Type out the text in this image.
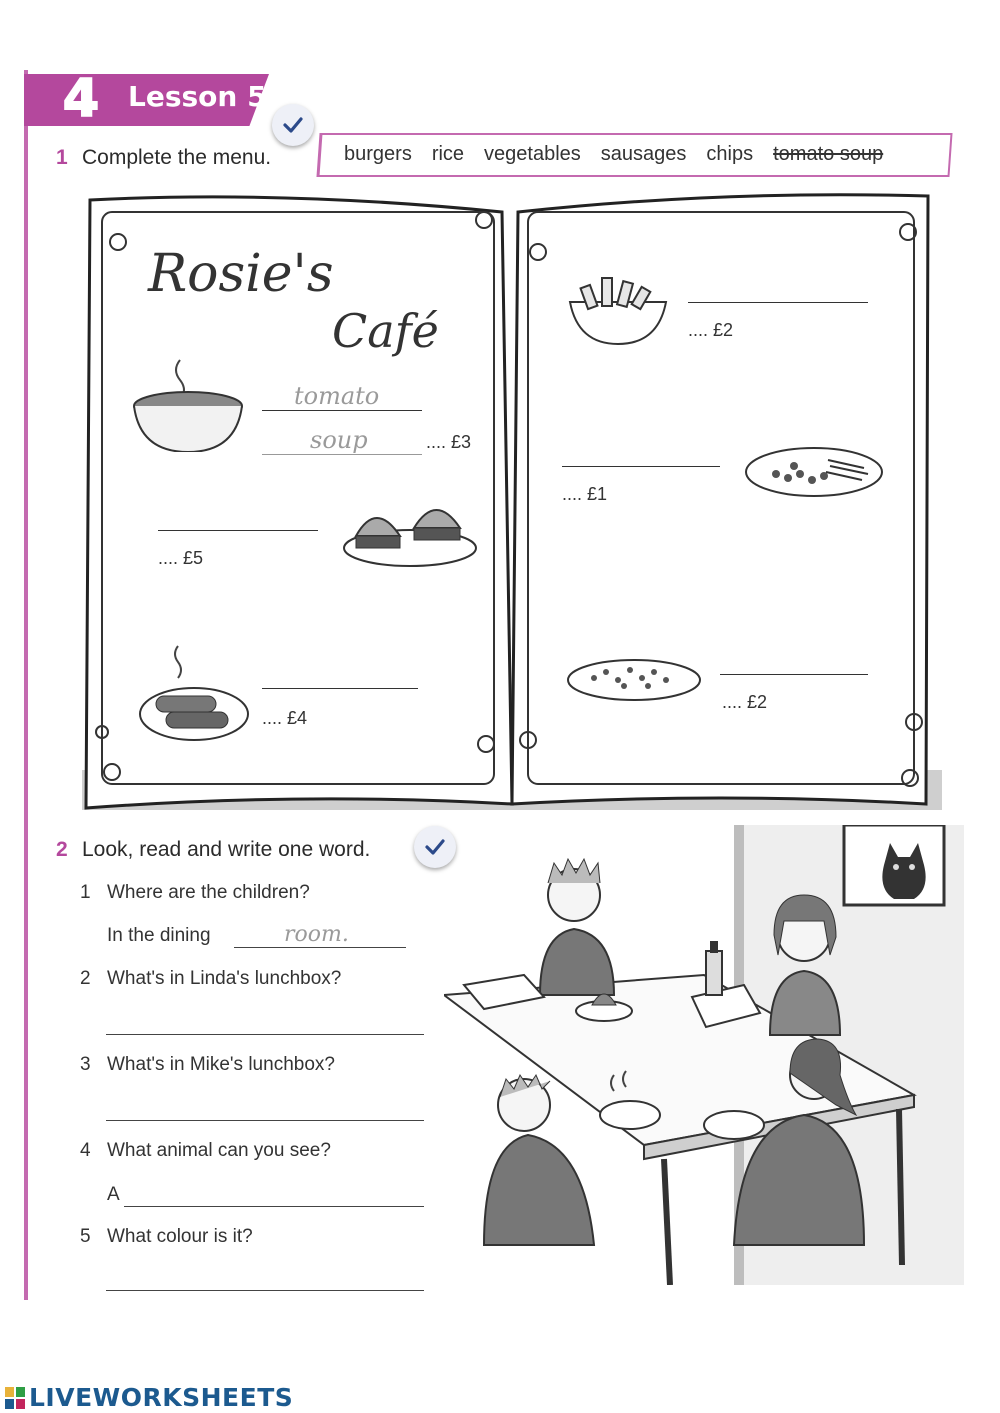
4 Lesson 5
1 Complete the menu.	burgers rice vegetables sausages chips tomato soup
Rosie's
Café
tomato
soup	.... £3
.... £5
.... £4
.... £2
.... £1
.... £2
2 Look, read and write one word.
1 Where are the children?
In the dining	room.
2 What's in Linda's lunchbox?
3 What's in Mike's lunchbox?
4 What animal can you see?
A
5 What colour is it?
LIVEWORKSHEETS
